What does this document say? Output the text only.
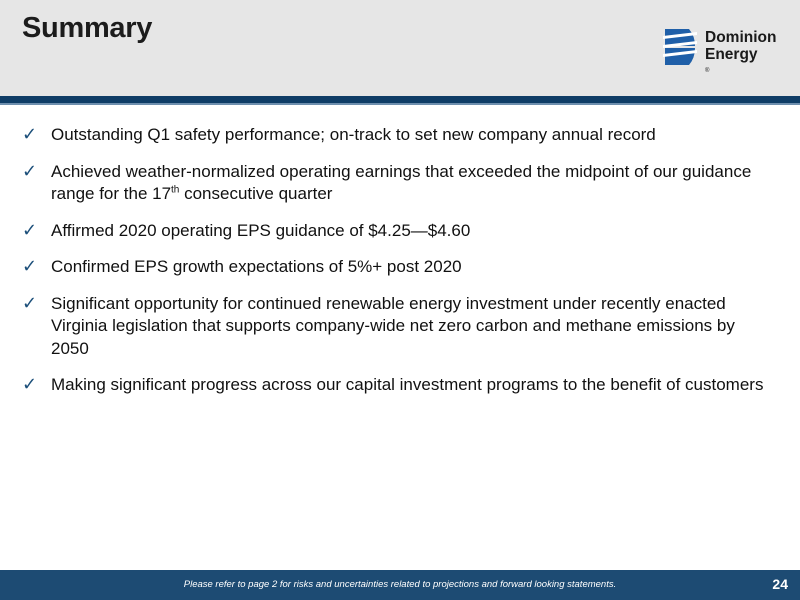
Summary	Dominion
Energy
®
✓ Outstanding Q1 safety performance; on-track to set new company annual record
✓ Achieved weather-normalized operating earnings that exceeded the midpoint of our guidance range for the 17th consecutive quarter
✓ Affirmed 2020 operating EPS guidance of $4.25—$4.60
✓ Confirmed EPS growth expectations of 5%+ post 2020
✓ Significant opportunity for continued renewable energy investment under recently enacted Virginia legislation that supports company-wide net zero carbon and methane emissions by 2050
✓ Making significant progress across our capital investment programs to the benefit of customers
Please refer to page 2 for risks and uncertainties related to projections and forward looking statements.	24
